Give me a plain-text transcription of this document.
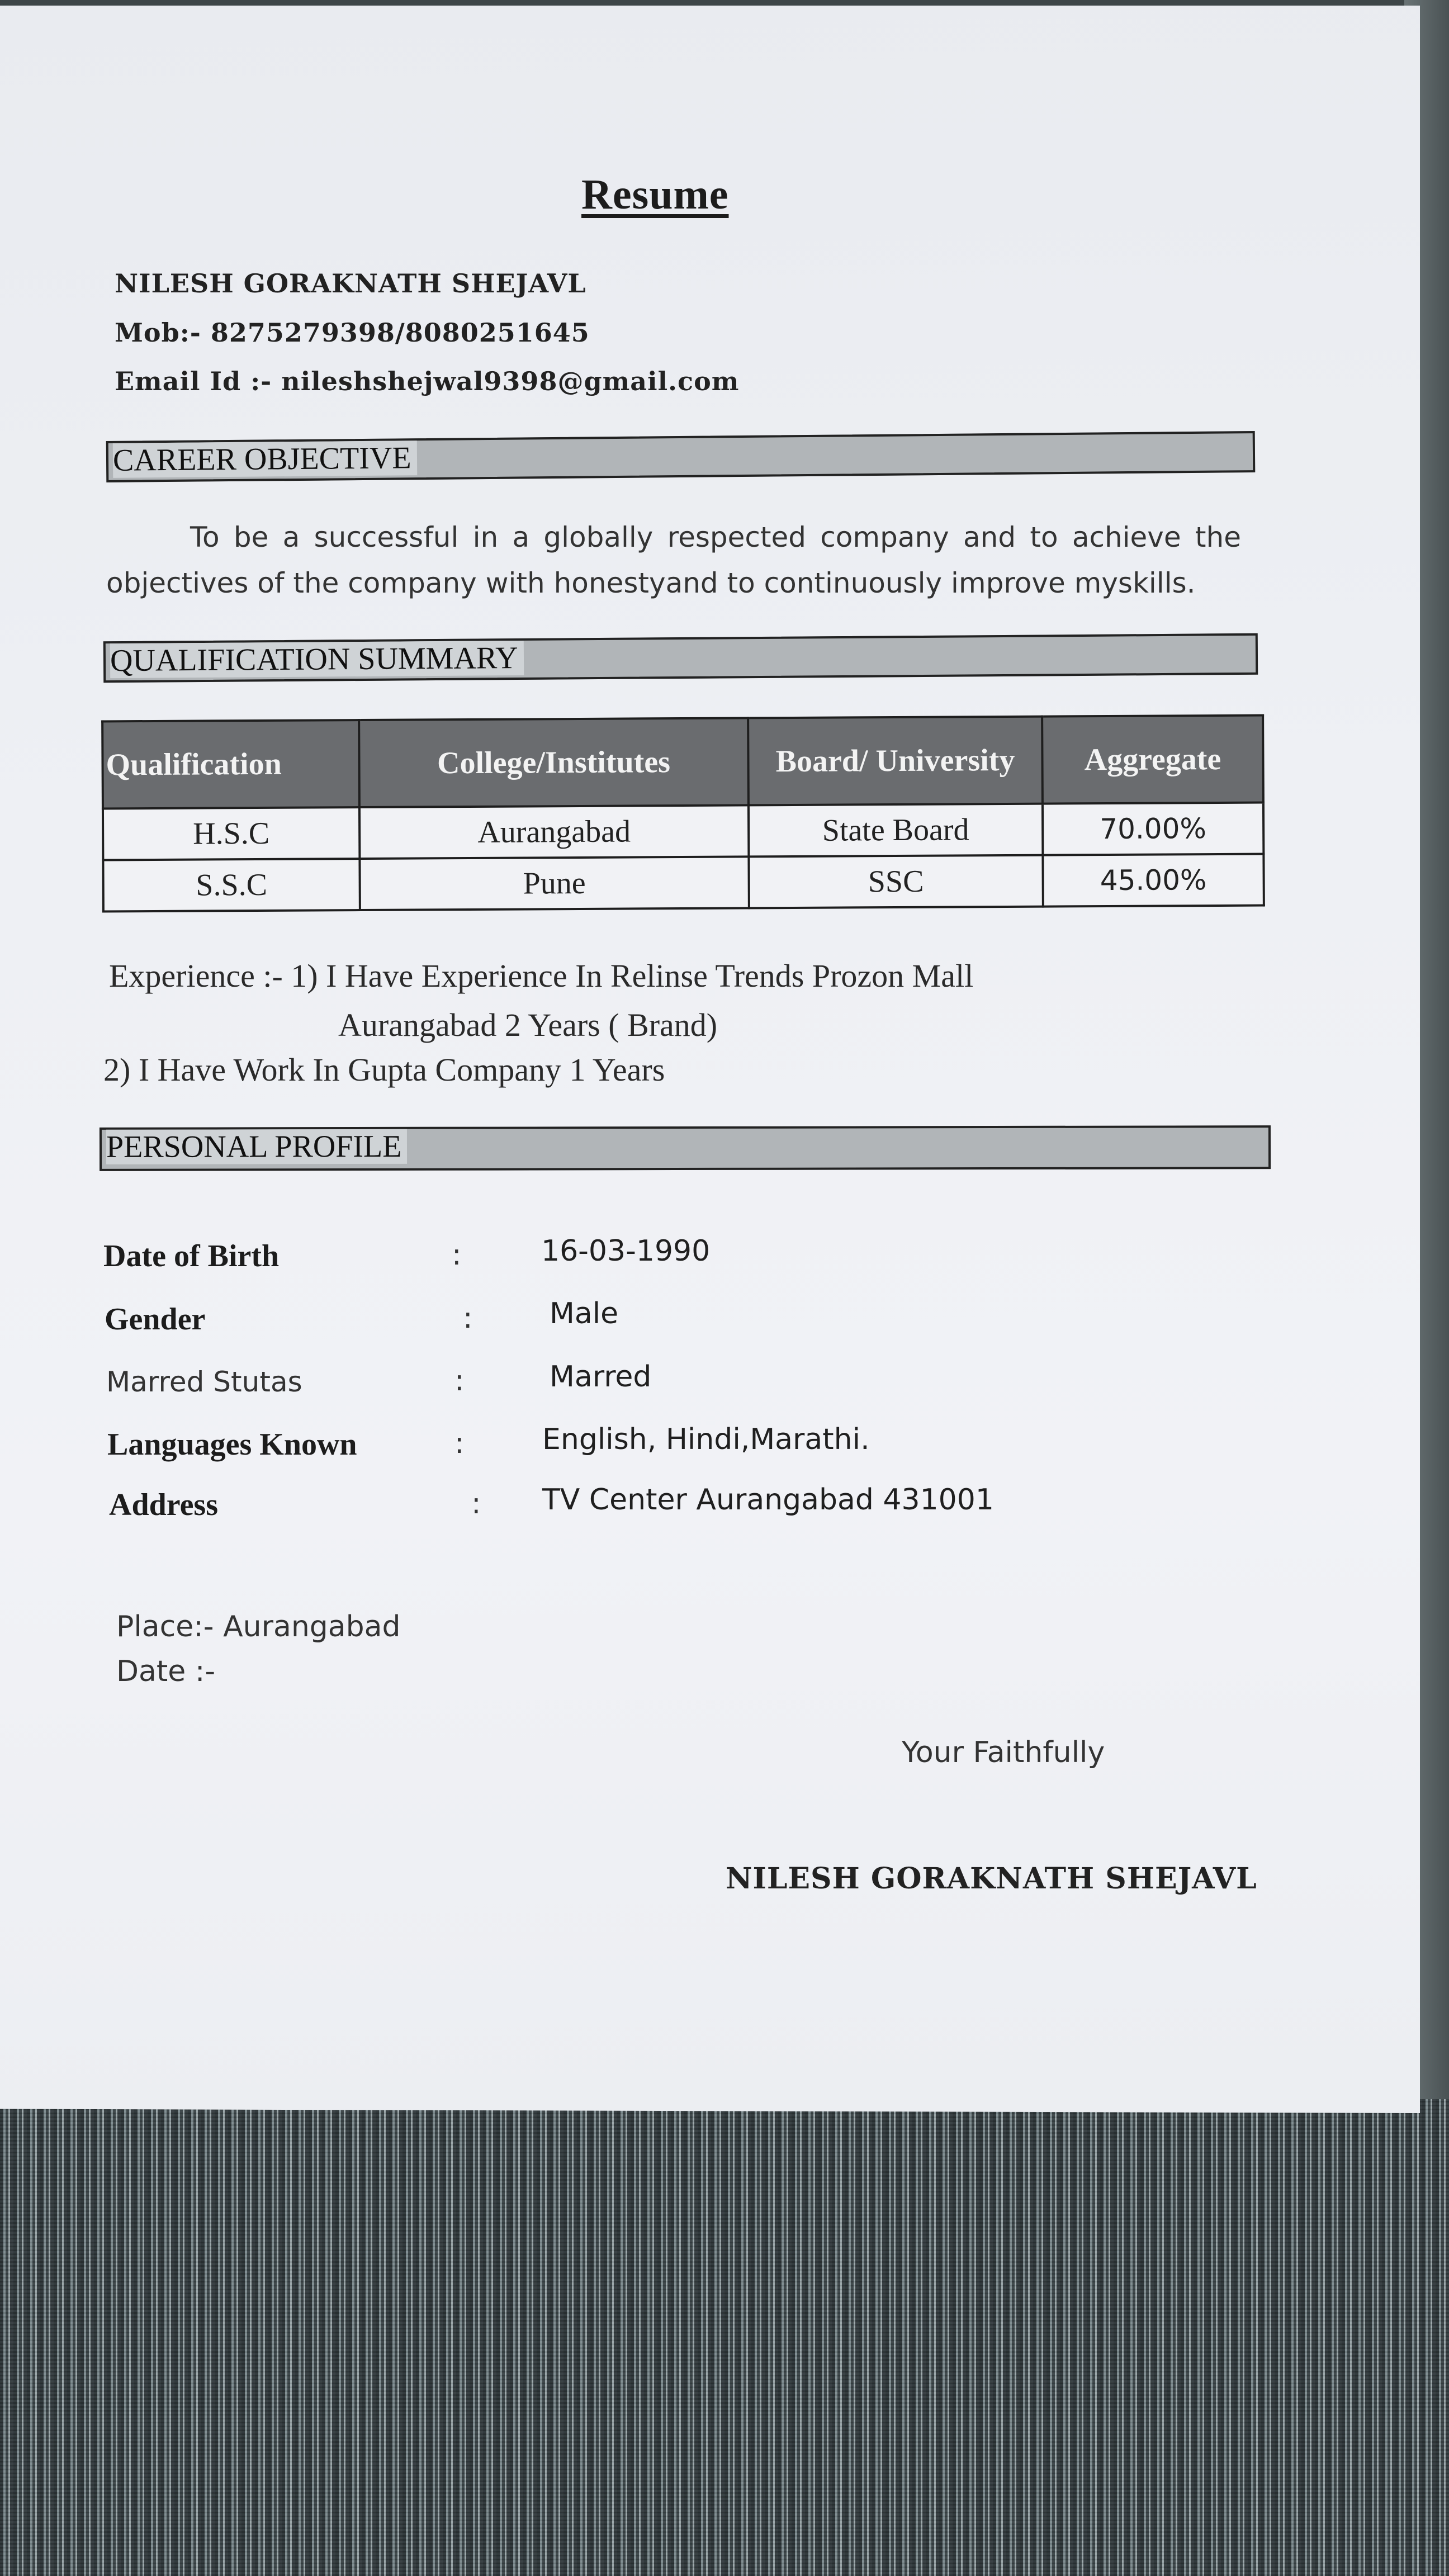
Resume
NILESH GORAKNATH SHEJAVL
Mob:- 8275279398/8080251645
Email Id :- nileshshejwal9398@gmail.com
CAREER OBJECTIVE
To be a successful in a globally respected company and to achieve the objectives of the company with honestyand to continuously improve myskills.
QUALIFICATION SUMMARY
Qualification	College/Institutes	Board/ University	Aggregate
H.S.C	Aurangabad	State Board	70.00%
S.S.C	Pune	SSC	45.00%
Experience :- 1) I Have Experience In Relinse Trends Prozon Mall
Aurangabad 2 Years ( Brand)
2) I Have Work In Gupta Company 1 Years
PERSONAL PROFILE
Date of Birth	:	16-03-1990
Gender	:	Male
Marred Stutas	:	Marred
Languages Known	:	English, Hindi,Marathi.
Address	: TV Center Aurangabad 431001
Place:- Aurangabad
Date :-
Your Faithfully
NILESH GORAKNATH SHEJAVL
